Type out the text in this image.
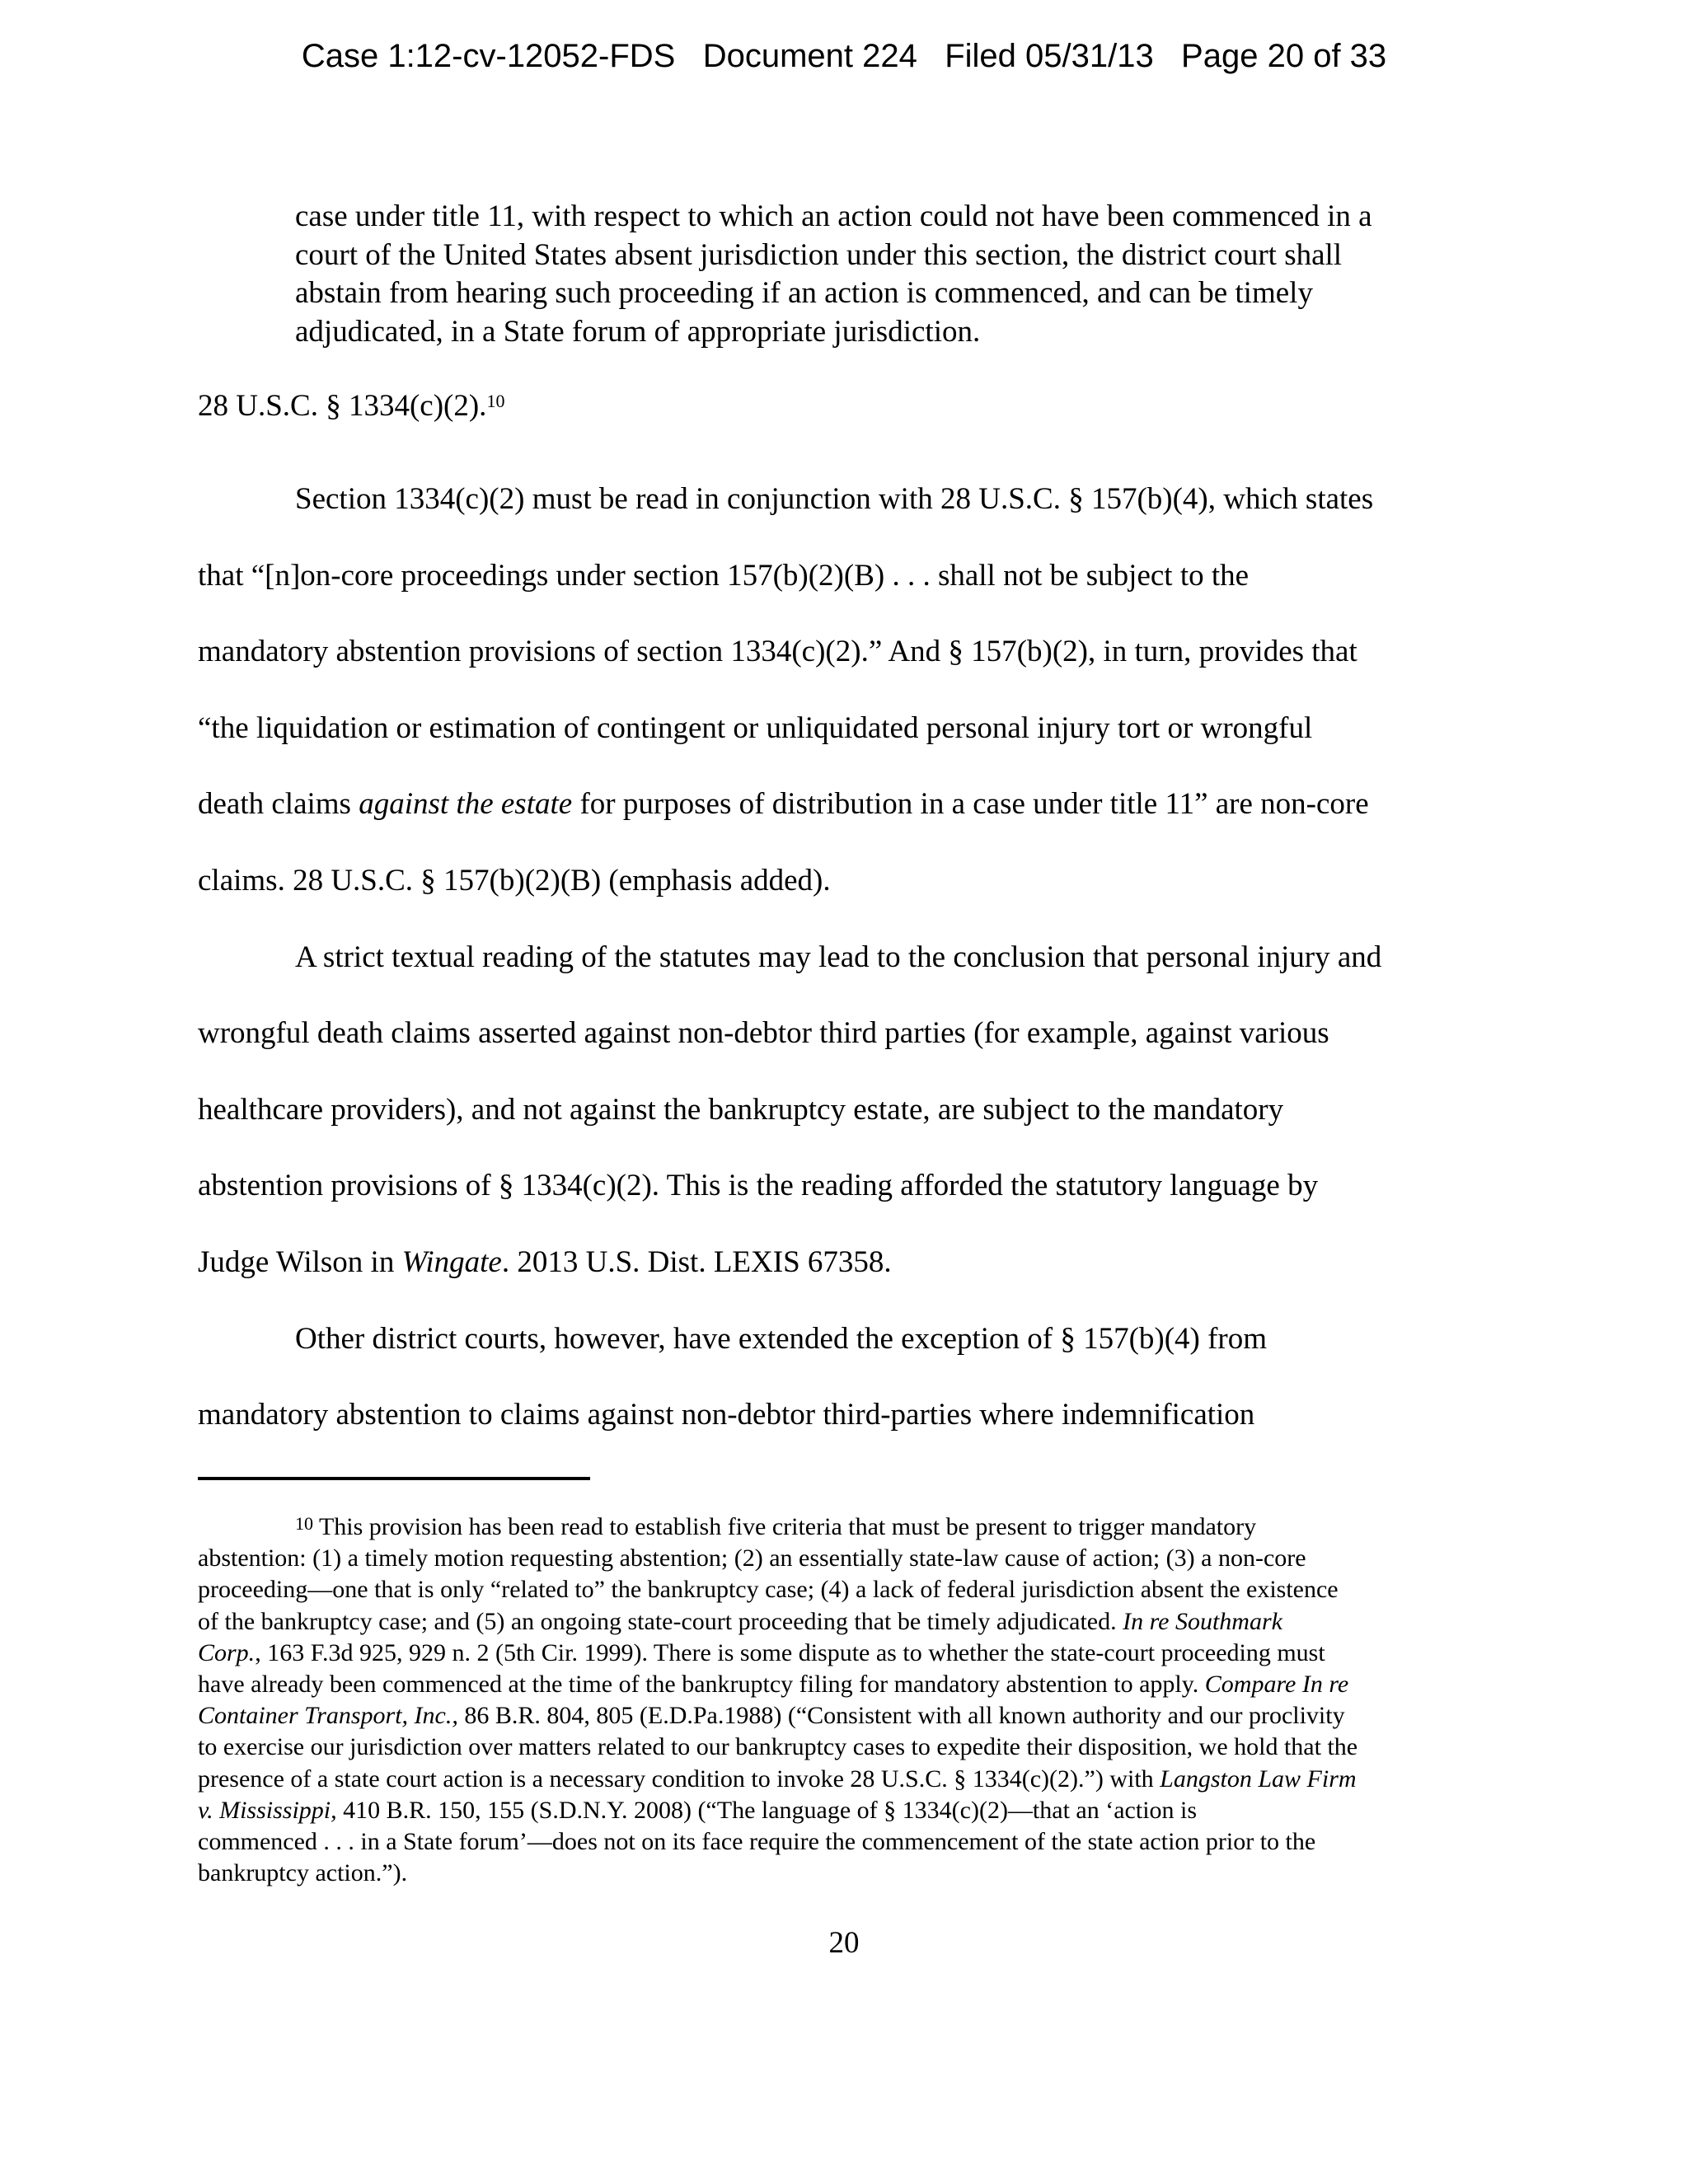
Case 1:12-cv-12052-FDS   Document 224   Filed 05/31/13   Page 20 of 33
case under title 11, with respect to which an action could not have been commenced in a
court of the United States absent jurisdiction under this section, the district court shall
abstain from hearing such proceeding if an action is commenced, and can be timely
adjudicated, in a State forum of appropriate jurisdiction.
28 U.S.C. § 1334(c)(2).$^{10}$
Section 1334(c)(2) must be read in conjunction with 28 U.S.C. § 157(b)(4), which states
that “[n]on-core proceedings under section 157(b)(2)(B) . . . shall not be subject to the
mandatory abstention provisions of section 1334(c)(2).” And § 157(b)(2), in turn, provides that
“the liquidation or estimation of contingent or unliquidated personal injury tort or wrongful
death claims against the estate for purposes of distribution in a case under title 11” are non-core
claims. 28 U.S.C. § 157(b)(2)(B) (emphasis added).
A strict textual reading of the statutes may lead to the conclusion that personal injury and
wrongful death claims asserted against non-debtor third parties (for example, against various
healthcare providers), and not against the bankruptcy estate, are subject to the mandatory
abstention provisions of § 1334(c)(2). This is the reading afforded the statutory language by
Judge Wilson in Wingate. 2013 U.S. Dist. LEXIS 67358.
Other district courts, however, have extended the exception of § 157(b)(4) from
mandatory abstention to claims against non-debtor third-parties where indemnification
$^{10}$ This provision has been read to establish five criteria that must be present to trigger mandatory
abstention: (1) a timely motion requesting abstention; (2) an essentially state-law cause of action; (3) a non-core
proceeding—one that is only “related to” the bankruptcy case; (4) a lack of federal jurisdiction absent the existence
of the bankruptcy case; and (5) an ongoing state-court proceeding that be timely adjudicated. In re Southmark
Corp., 163 F.3d 925, 929 n. 2 (5th Cir. 1999). There is some dispute as to whether the state-court proceeding must
have already been commenced at the time of the bankruptcy filing for mandatory abstention to apply. Compare In re
Container Transport, Inc., 86 B.R. 804, 805 (E.D.Pa.1988) (“Consistent with all known authority and our proclivity
to exercise our jurisdiction over matters related to our bankruptcy cases to expedite their disposition, we hold that the
presence of a state court action is a necessary condition to invoke 28 U.S.C. § 1334(c)(2).”) with Langston Law Firm
v. Mississippi, 410 B.R. 150, 155 (S.D.N.Y. 2008) (“The language of § 1334(c)(2)—that an ‘action is
commenced . . . in a State forum’—does not on its face require the commencement of the state action prior to the
bankruptcy action.”).
20
